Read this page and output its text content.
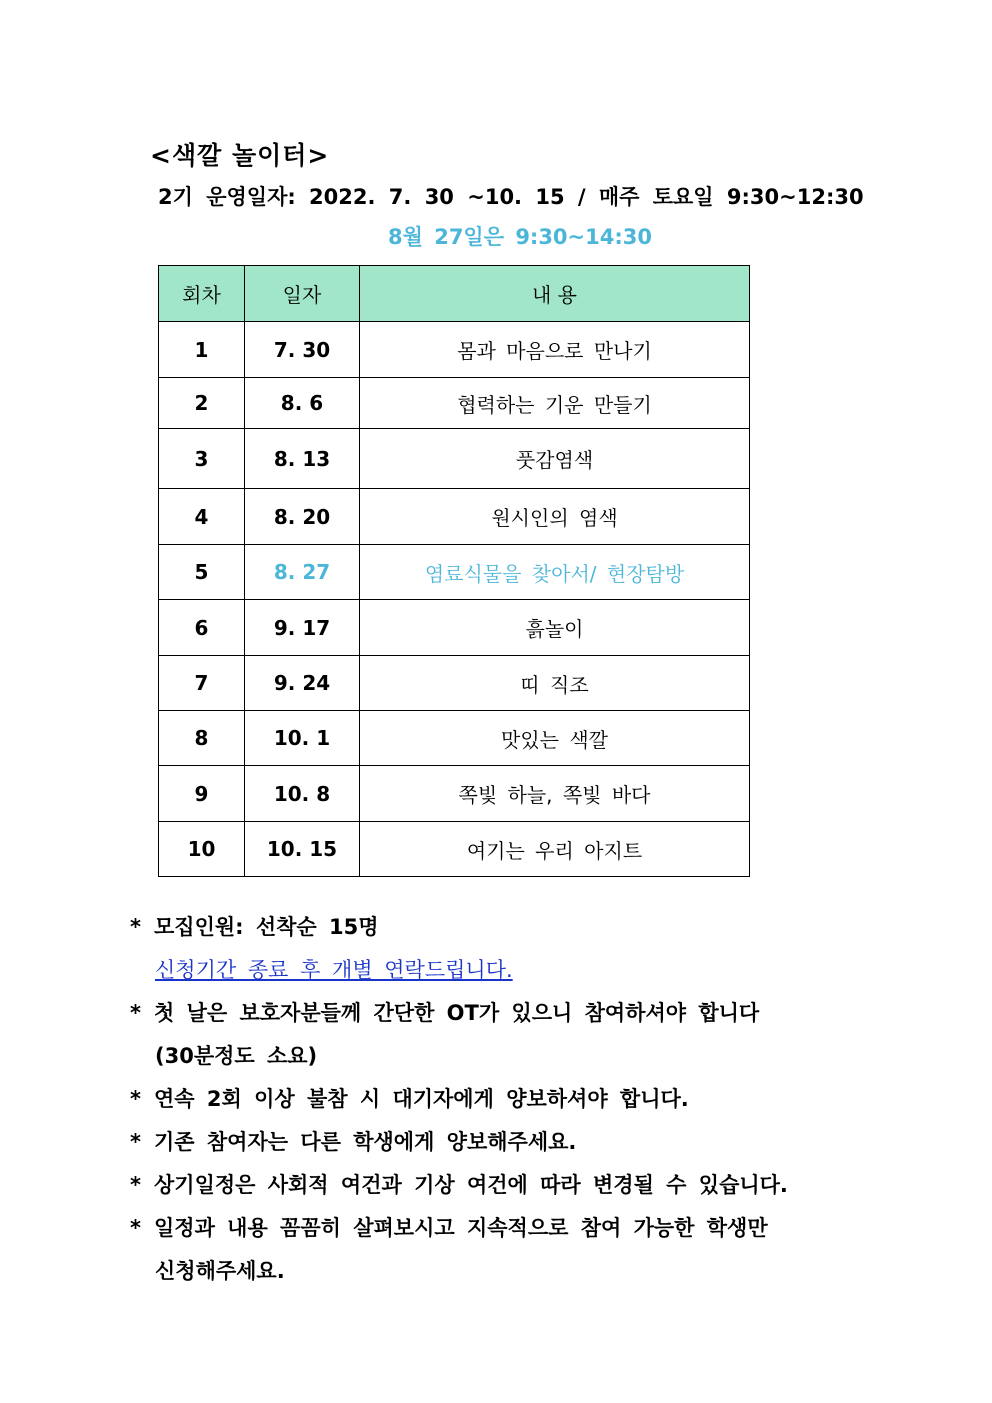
<색깔 놀이터>
2기 운영일자: 2022. 7. 30 ~10. 15 / 매주 토요일 9:30~12:30
8월 27일은 9:30~14:30
회차	일자	내 용
1	7. 30	몸과 마음으로 만나기
2	8. 6	협력하는 기운 만들기
3	8. 13	풋감염색
4	8. 20	원시인의 염색
5	8. 27	염료식물을 찾아서/ 현장탐방
6	9. 17	흙놀이
7	9. 24	띠 직조
8	10. 1	맛있는 색깔
9	10. 8	쪽빛 하늘, 쪽빛 바다
10	10. 15	여기는 우리 아지트
* 모집인원: 선착순 15명
신청기간 종료 후 개별 연락드립니다.
* 첫 날은 보호자분들께 간단한 OT가 있으니 참여하셔야 합니다
(30분정도 소요)
* 연속 2회 이상 불참 시 대기자에게 양보하셔야 합니다.
* 기존 참여자는 다른 학생에게 양보해주세요.
* 상기일정은 사회적 여건과 기상 여건에 따라 변경될 수 있습니다.
* 일정과 내용 꼼꼼히 살펴보시고 지속적으로 참여 가능한 학생만
신청해주세요.
